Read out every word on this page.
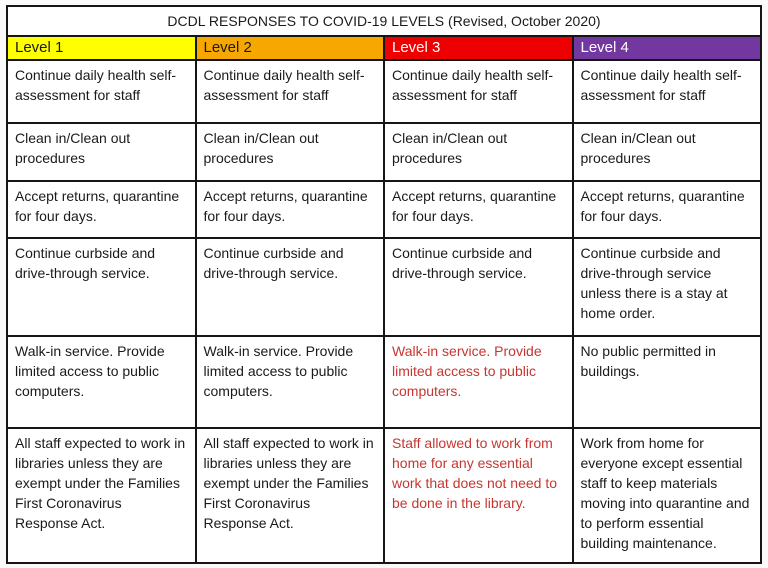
DCDL RESPONSES TO COVID-19 LEVELS (Revised, October 2020)			
Level 1	Level 2	Level 3	Level 4
Continue daily health self-assessment for staff	Continue daily health self-assessment for staff	Continue daily health self-assessment for staff	Continue daily health self-assessment for staff
Clean in/Clean out procedures	Clean in/Clean out procedures	Clean in/Clean out procedures	Clean in/Clean out procedures
Accept returns, quarantine for four days.	Accept returns, quarantine for four days.	Accept returns, quarantine for four days.	Accept returns, quarantine for four days.
Continue curbside and drive-through service.	Continue curbside and drive-through service.	Continue curbside and drive-through service.	Continue curbside and drive-through service unless there is a stay at home order.
Walk-in service. Provide limited access to public computers.	Walk-in service. Provide limited access to public computers.	Walk-in service. Provide limited access to public computers.	No public permitted in buildings.
All staff expected to work in libraries unless they are exempt under the Families First Coronavirus Response Act.	All staff expected to work in libraries unless they are exempt under the Families First Coronavirus Response Act.	Staff allowed to work from home for any essential work that does not need to be done in the library.	Work from home for everyone except essential staff to keep materials moving into quarantine and to perform essential building maintenance.
